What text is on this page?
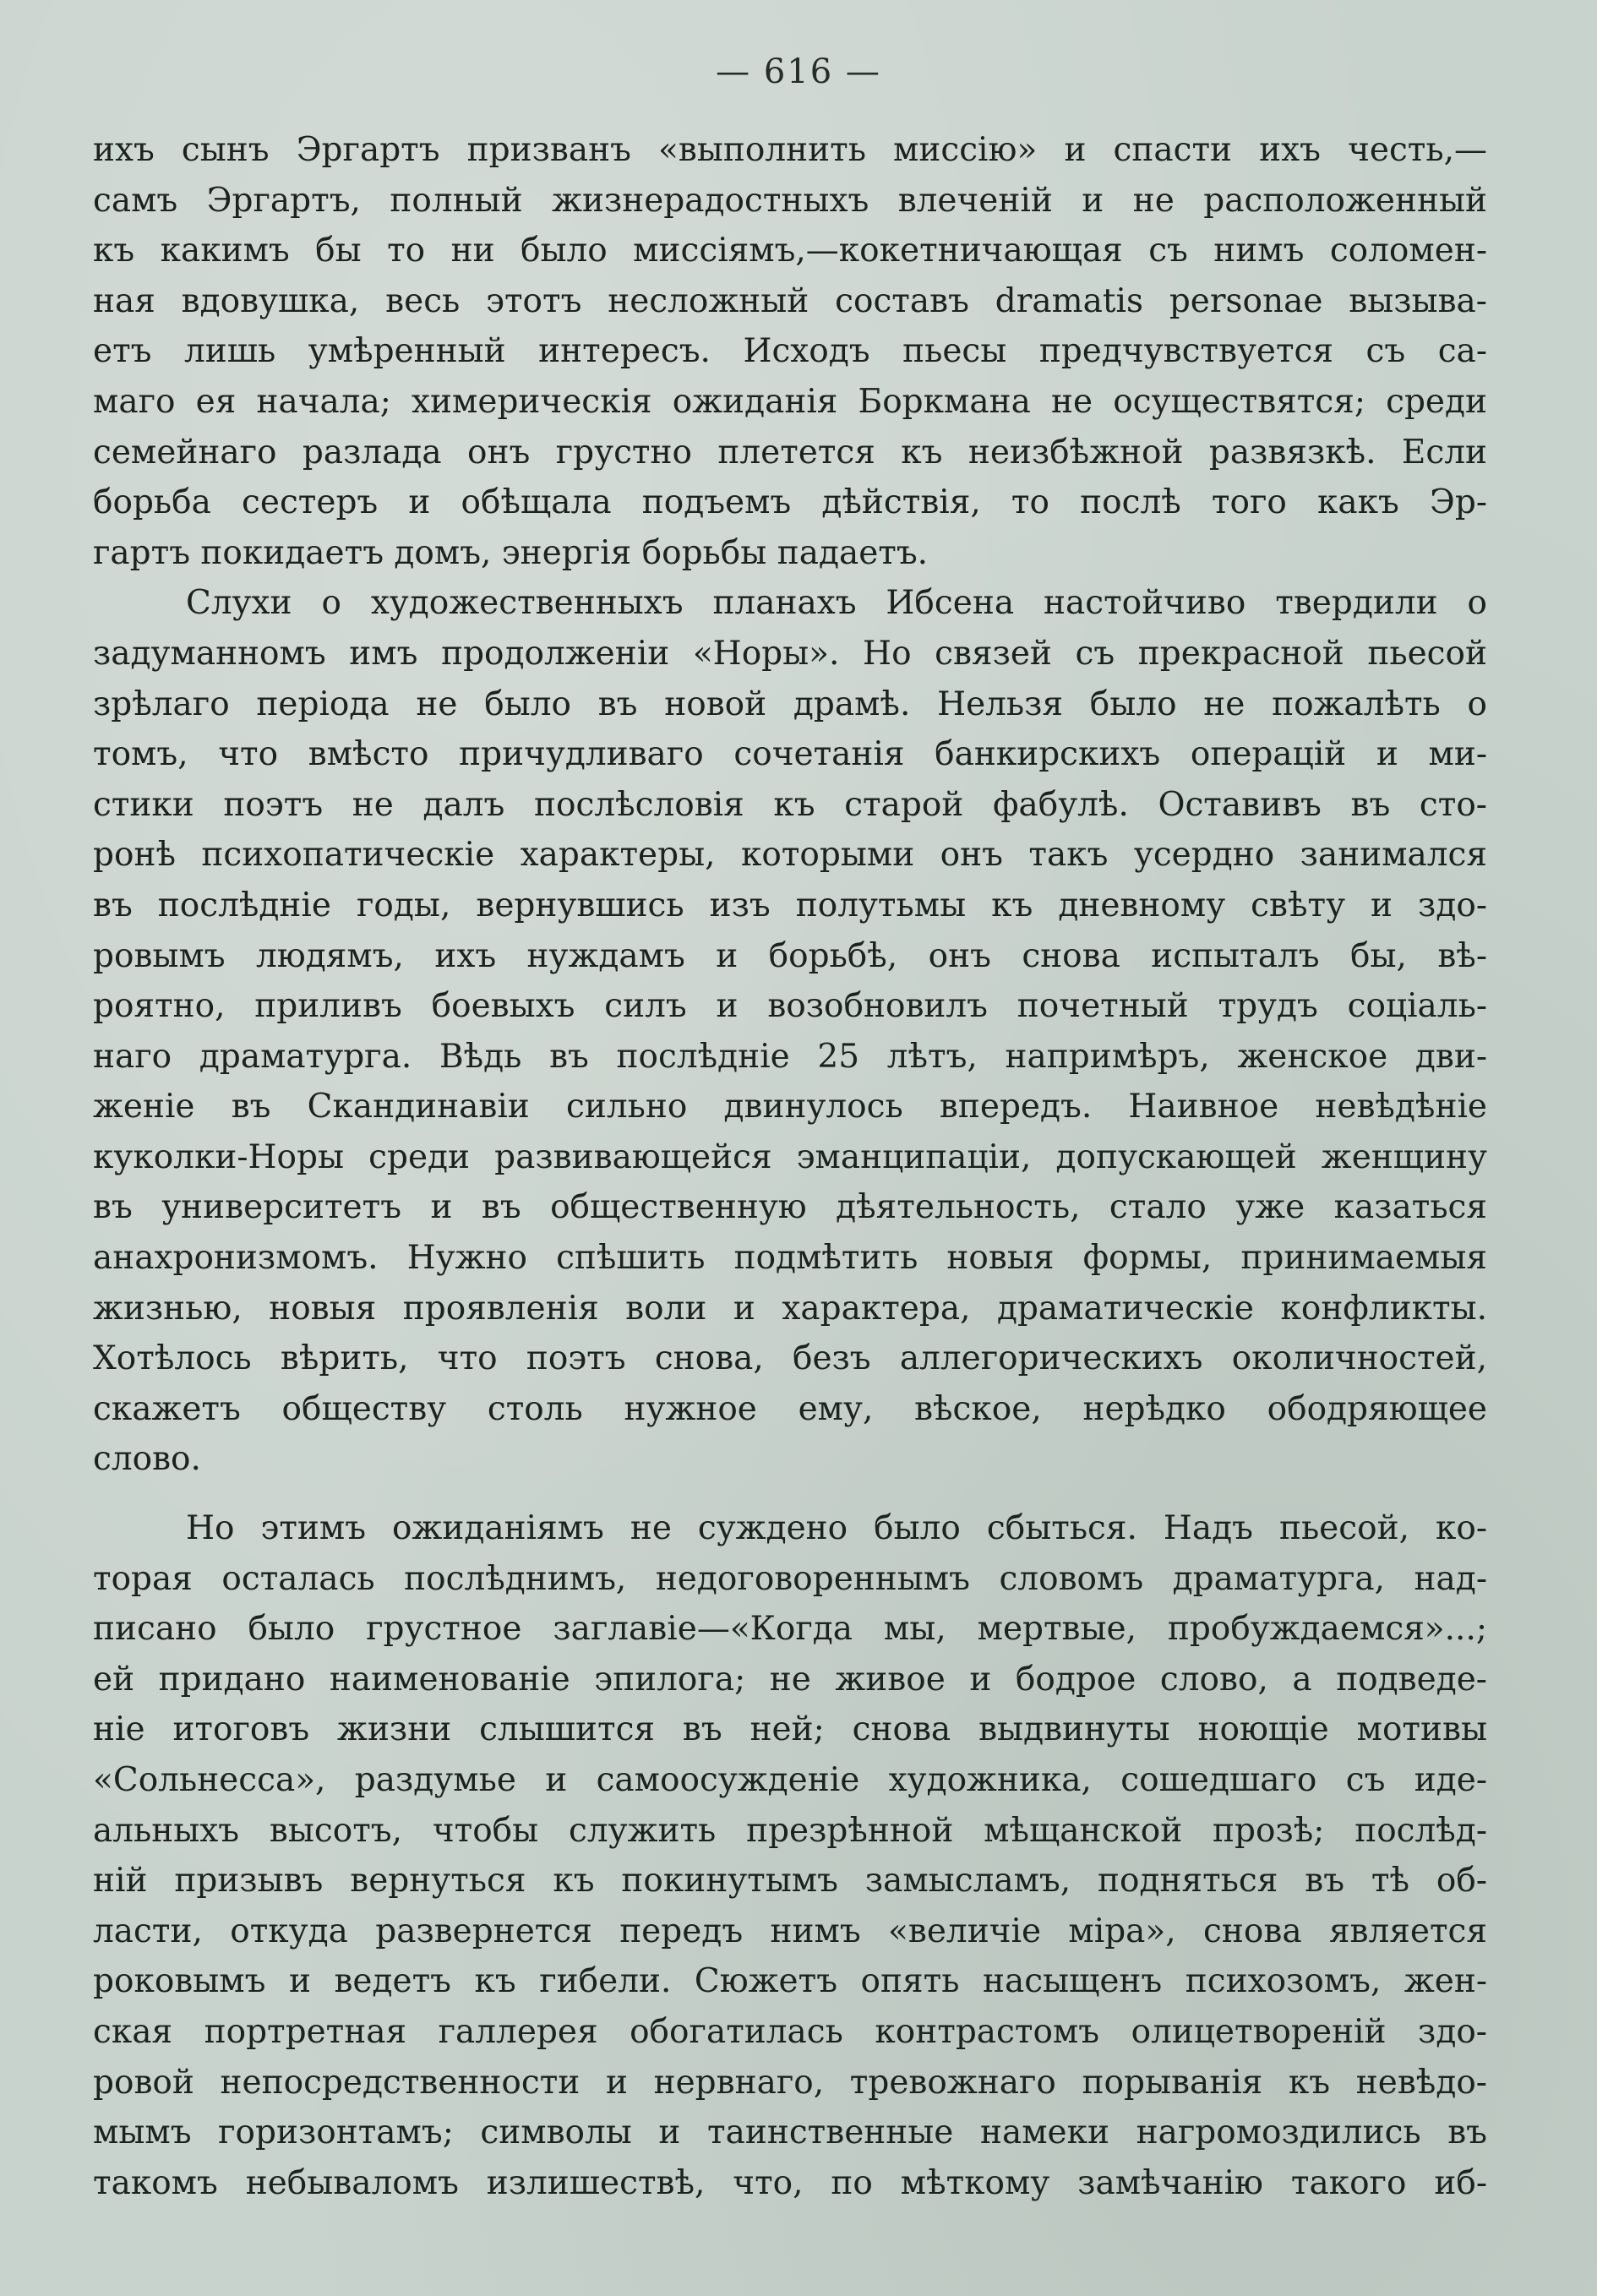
— 616 —
ихъ сынъ Эргартъ призванъ «выполнить миссію» и спасти ихъ честь,—
самъ Эргартъ, полный жизнерадостныхъ влеченій и не расположенный
къ какимъ бы то ни было миссіямъ,—кокетничающая съ нимъ соломен-
ная вдовушка, весь этотъ несложный составъ dramatis personae вызыва-
етъ лишь умѣренный интересъ. Исходъ пьесы предчувствуется съ са-
маго ея начала; химерическія ожиданія Боркмана не осуществятся; среди
семейнаго разлада онъ грустно плетется къ неизбѣжной развязкѣ. Если
борьба сестеръ и обѣщала подъемъ дѣйствія, то послѣ того какъ Эр-
гартъ покидаетъ домъ, энергія борьбы падаетъ.
Слухи о художественныхъ планахъ Ибсена настойчиво твердили о
задуманномъ имъ продолженіи «Норы». Но связей съ прекрасной пьесой
зрѣлаго періода не было въ новой драмѣ. Нельзя было не пожалѣть о
томъ, что вмѣсто причудливаго сочетанія банкирскихъ операцій и ми-
стики поэтъ не далъ послѣсловія къ старой фабулѣ. Оставивъ въ сто-
ронѣ психопатическіе характеры, которыми онъ такъ усердно занимался
въ послѣдніе годы, вернувшись изъ полутьмы къ дневному свѣту и здо-
ровымъ людямъ, ихъ нуждамъ и борьбѣ, онъ снова испыталъ бы, вѣ-
роятно, приливъ боевыхъ силъ и возобновилъ почетный трудъ соціаль-
наго драматурга. Вѣдь въ послѣдніе 25 лѣтъ, напримѣръ, женское дви-
женіе въ Скандинавіи сильно двинулось впередъ. Наивное невѣдѣніе
куколки-Норы среди развивающейся эманципаціи, допускающей женщину
въ университетъ и въ общественную дѣятельность, стало уже казаться
анахронизмомъ. Нужно спѣшить подмѣтить новыя формы, принимаемыя
жизнью, новыя проявленія воли и характера, драматическіе конфликты.
Хотѣлось вѣрить, что поэтъ снова, безъ аллегорическихъ околичностей,
скажетъ обществу столь нужное ему, вѣское, нерѣдко ободряющее
слово.
Но этимъ ожиданіямъ не суждено было сбыться. Надъ пьесой, ко-
торая осталась послѣднимъ, недоговореннымъ словомъ драматурга, над-
писано было грустное заглавіе—«Когда мы, мертвые, пробуждаемся»...;
ей придано наименованіе эпилога; не живое и бодрое слово, а подведе-
ніе итоговъ жизни слышится въ ней; снова выдвинуты ноющіе мотивы
«Сольнесса», раздумье и самоосужденіе художника, сошедшаго съ иде-
альныхъ высотъ, чтобы служить презрѣнной мѣщанской прозѣ; послѣд-
ній призывъ вернуться къ покинутымъ замысламъ, подняться въ тѣ об-
ласти, откуда развернется передъ нимъ «величіе міра», снова является
роковымъ и ведетъ къ гибели. Сюжетъ опять насыщенъ психозомъ, жен-
ская портретная галлерея обогатилась контрастомъ олицетвореній здо-
ровой непосредственности и нервнаго, тревожнаго порыванія къ невѣдо-
мымъ горизонтамъ; символы и таинственные намеки нагромоздились въ
такомъ небываломъ излишествѣ, что, по мѣткому замѣчанію такого иб-
